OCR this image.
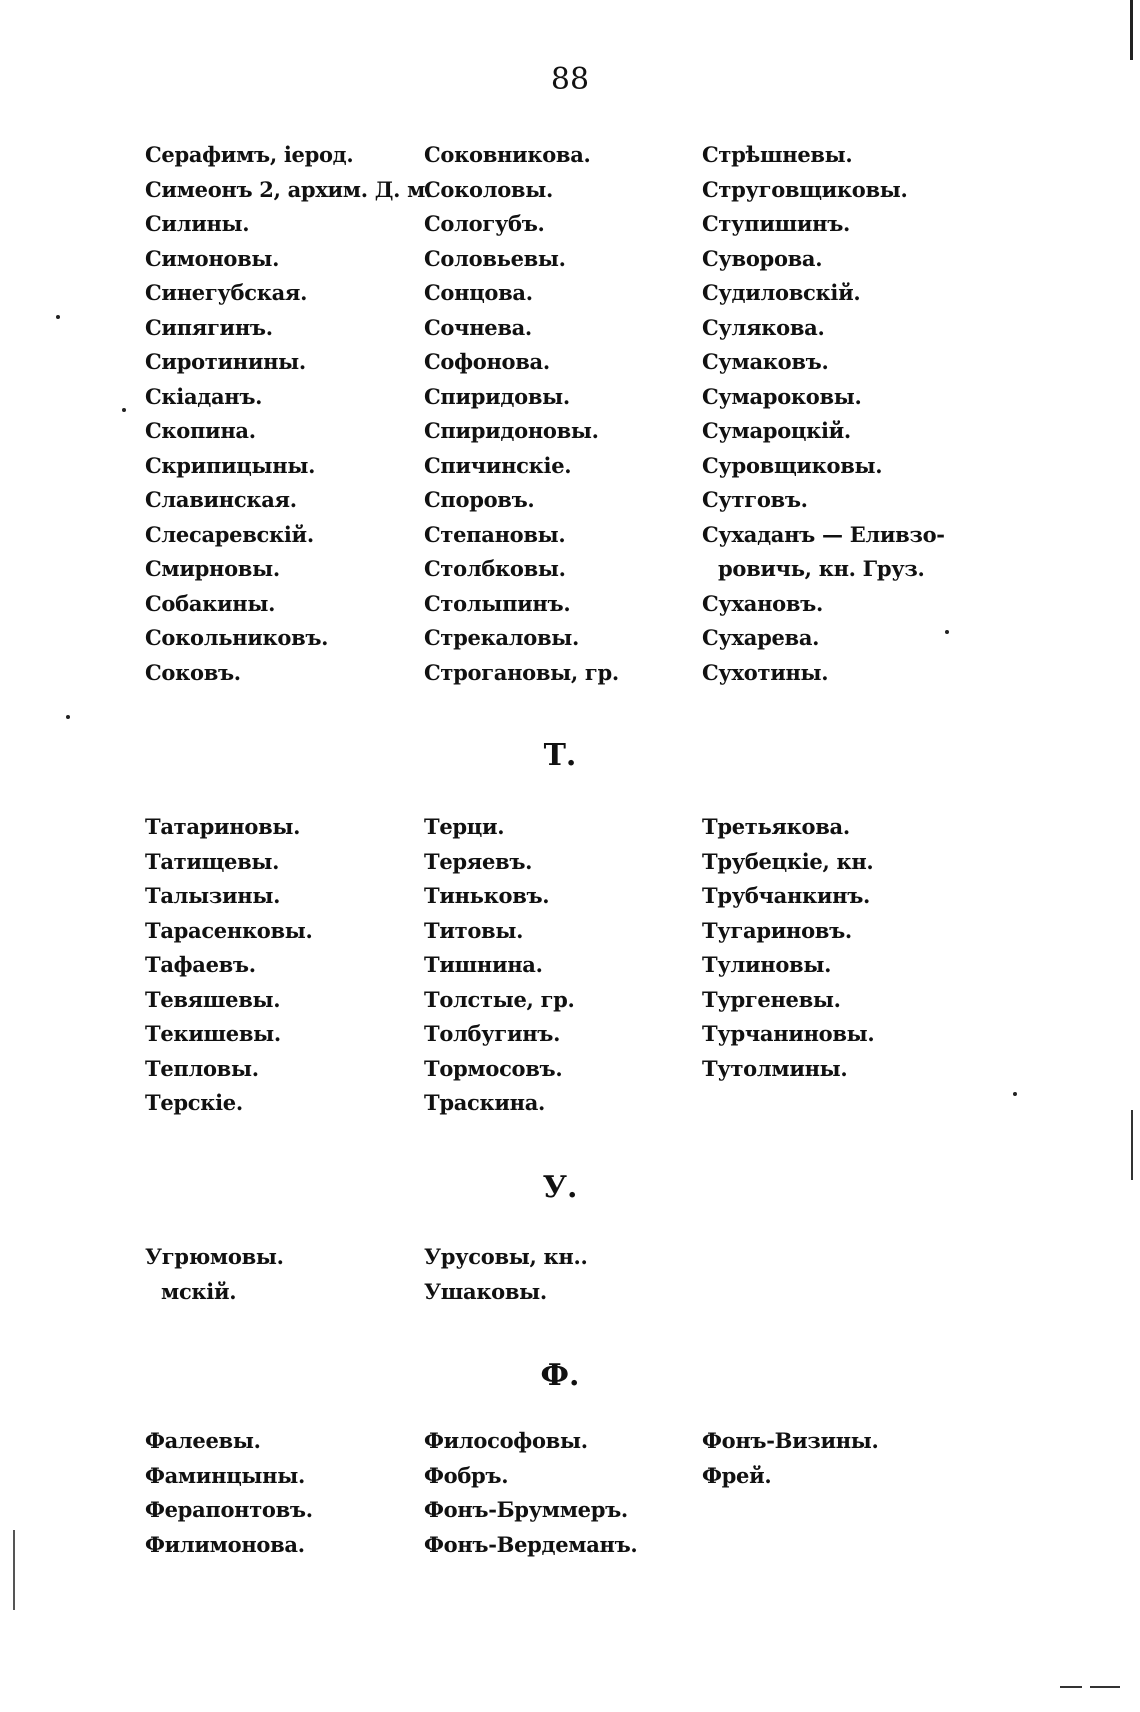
88
Серафимъ, іерод.
Симеонъ 2, архим. Д. м.
Силины.
Симоновы.
Синегубская.
Сипягинъ.
Сиротинины.
Скіаданъ.
Скопина.
Скрипицыны.
Славинская.
Слесаревскій.
Смирновы.
Собакины.
Сокольниковъ.
Соковъ.
Соковникова.
Соколовы.
Сологубъ.
Соловьевы.
Сонцова.
Сочнева.
Софонова.
Спиридовы.
Спиридоновы.
Спичинскіе.
Споровъ.
Степановы.
Столбковы.
Столыпинъ.
Стрекаловы.
Строгановы, гр.
Стрѣшневы.
Струговщиковы.
Ступишинъ.
Суворова.
Судиловскій.
Сулякова.
Сумаковъ.
Сумароковы.
Сумароцкій.
Суровщиковы.
Сутговъ.
Сухаданъ — Еливзо-
ровичь, кн. Груз.
Сухановъ.
Сухарева.
Сухотины.
Т.
Татариновы.
Татищевы.
Талызины.
Тарасенковы.
Тафаевъ.
Тевяшевы.
Текишевы.
Тепловы.
Терскіе.
Терци.
Теряевъ.
Тиньковъ.
Титовы.
Тишнина.
Толстые, гр.
Толбугинъ.
Тормосовъ.
Траскина.
Третьякова.
Трубецкіе, кн.
Трубчанкинъ.
Тугариновъ.
Тулиновы.
Тургеневы.
Турчаниновы.
Тутолмины.
У.
Угрюмовы.
мскій.
Урусовы, кн..
Ушаковы.
Ф.
Фалеевы.
Фаминцыны.
Ферапонтовъ.
Филимонова.
Философовы.
Фобръ.
Фонъ-Бруммеръ.
Фонъ-Вердеманъ.
Фонъ-Визины.
Фрей.
